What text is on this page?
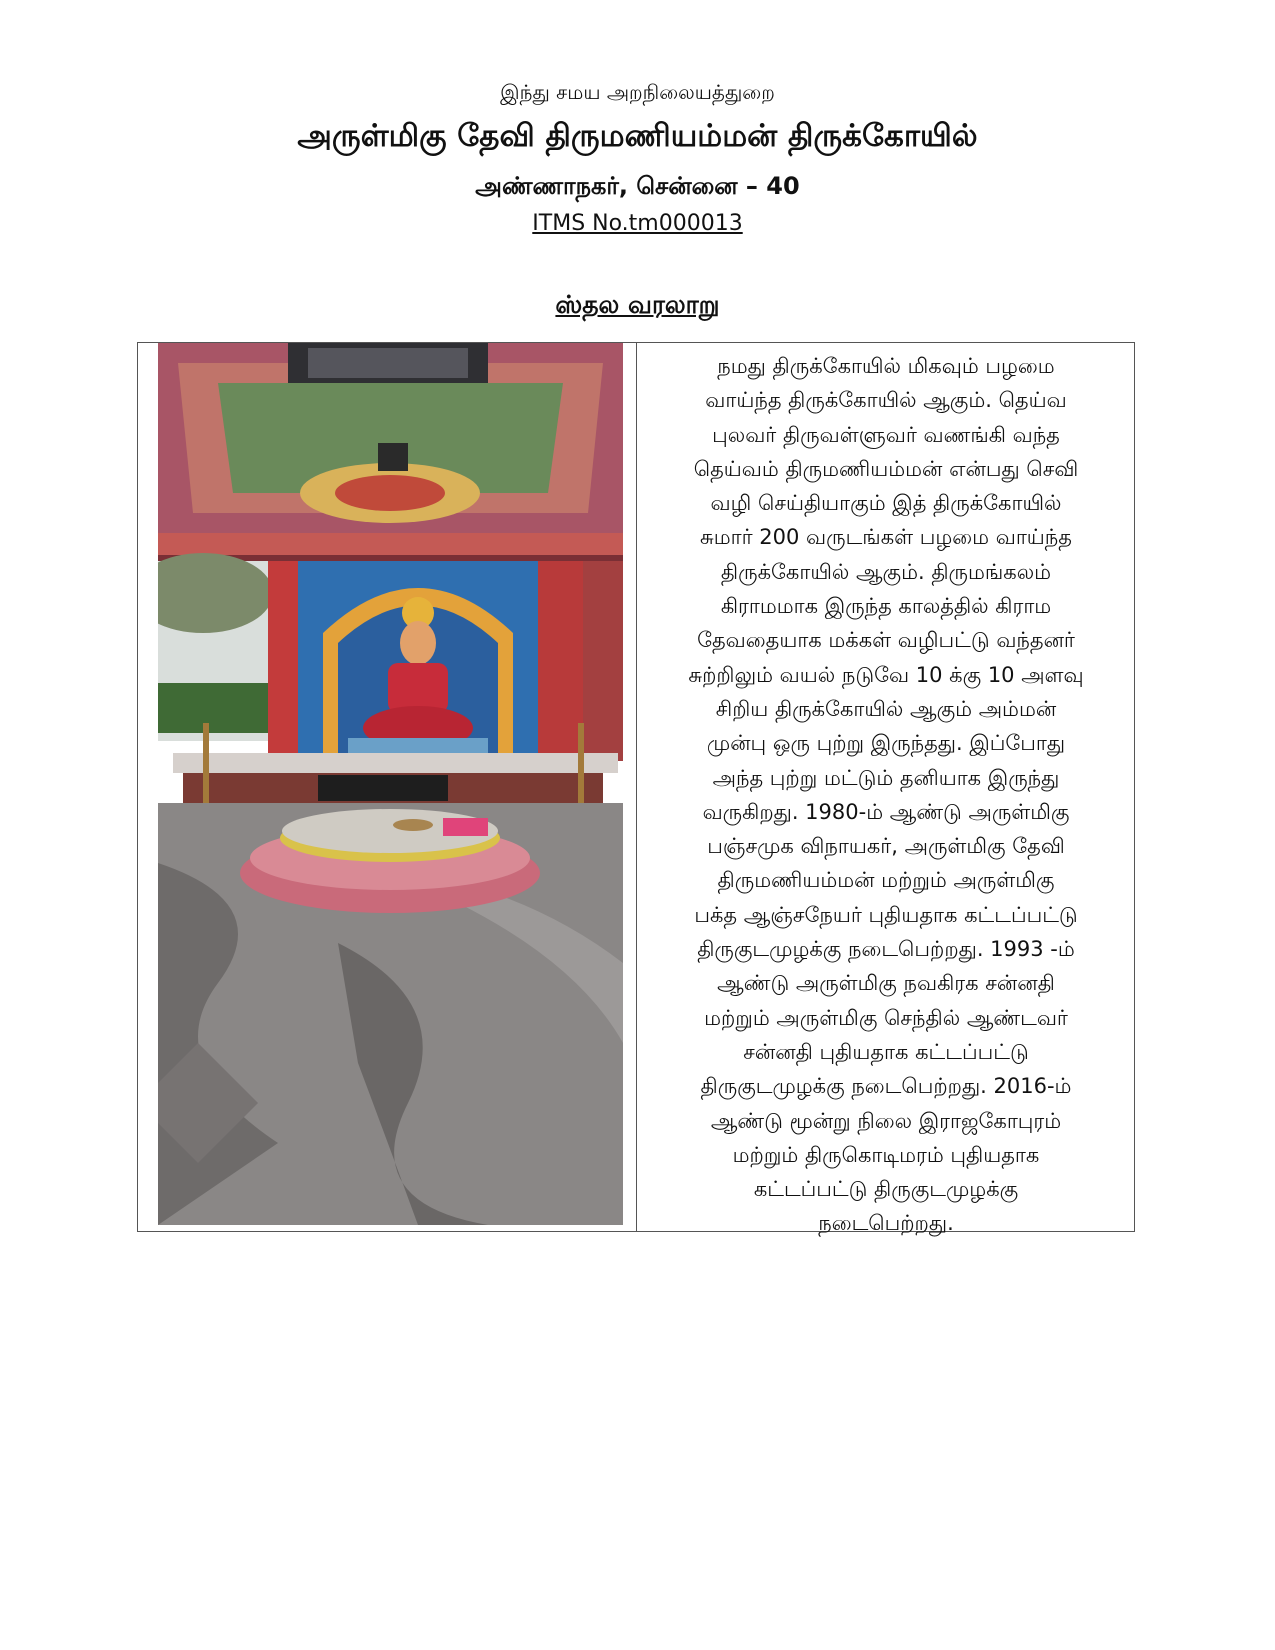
இந்து சமய அறநிலையத்துறை
அருள்மிகு தேவி திருமணியம்மன் திருக்கோயில்
அண்ணாநகர், சென்னை – 40
ITMS No.tm000013
ஸ்தல வரலாறு
நமது திருக்கோயில் மிகவும் பழமை
வாய்ந்த திருக்கோயில் ஆகும். தெய்வ
புலவர் திருவள்ளுவர் வணங்கி வந்த
தெய்வம் திருமணியம்மன் என்பது செவி
வழி செய்தியாகும் இத் திருக்கோயில்
சுமார் 200 வருடங்கள் பழமை வாய்ந்த
திருக்கோயில் ஆகும். திருமங்கலம்
கிராமமாக இருந்த காலத்தில் கிராம
தேவதையாக மக்கள் வழிபட்டு வந்தனர்
சுற்றிலும் வயல் நடுவே 10 க்கு 10 அளவு
சிறிய திருக்கோயில் ஆகும் அம்மன்
முன்பு ஒரு புற்று இருந்தது. இப்போது
அந்த புற்று மட்டும் தனியாக இருந்து
வருகிறது. 1980-ம் ஆண்டு அருள்மிகு
பஞ்சமுக விநாயகர், அருள்மிகு தேவி
திருமணியம்மன் மற்றும் அருள்மிகு
பக்த ஆஞ்சநேயர் புதியதாக கட்டப்பட்டு
திருகுடமுழக்கு நடைபெற்றது. 1993 -ம்
ஆண்டு அருள்மிகு நவகிரக சன்னதி
மற்றும் அருள்மிகு செந்தில் ஆண்டவர்
சன்னதி புதியதாக கட்டப்பட்டு
திருகுடமுழக்கு நடைபெற்றது. 2016-ம்
ஆண்டு மூன்று நிலை இராஜகோபுரம்
மற்றும் திருகொடிமரம் புதியதாக
கட்டப்பட்டு திருகுடமுழக்கு
நடைபெற்றது.
